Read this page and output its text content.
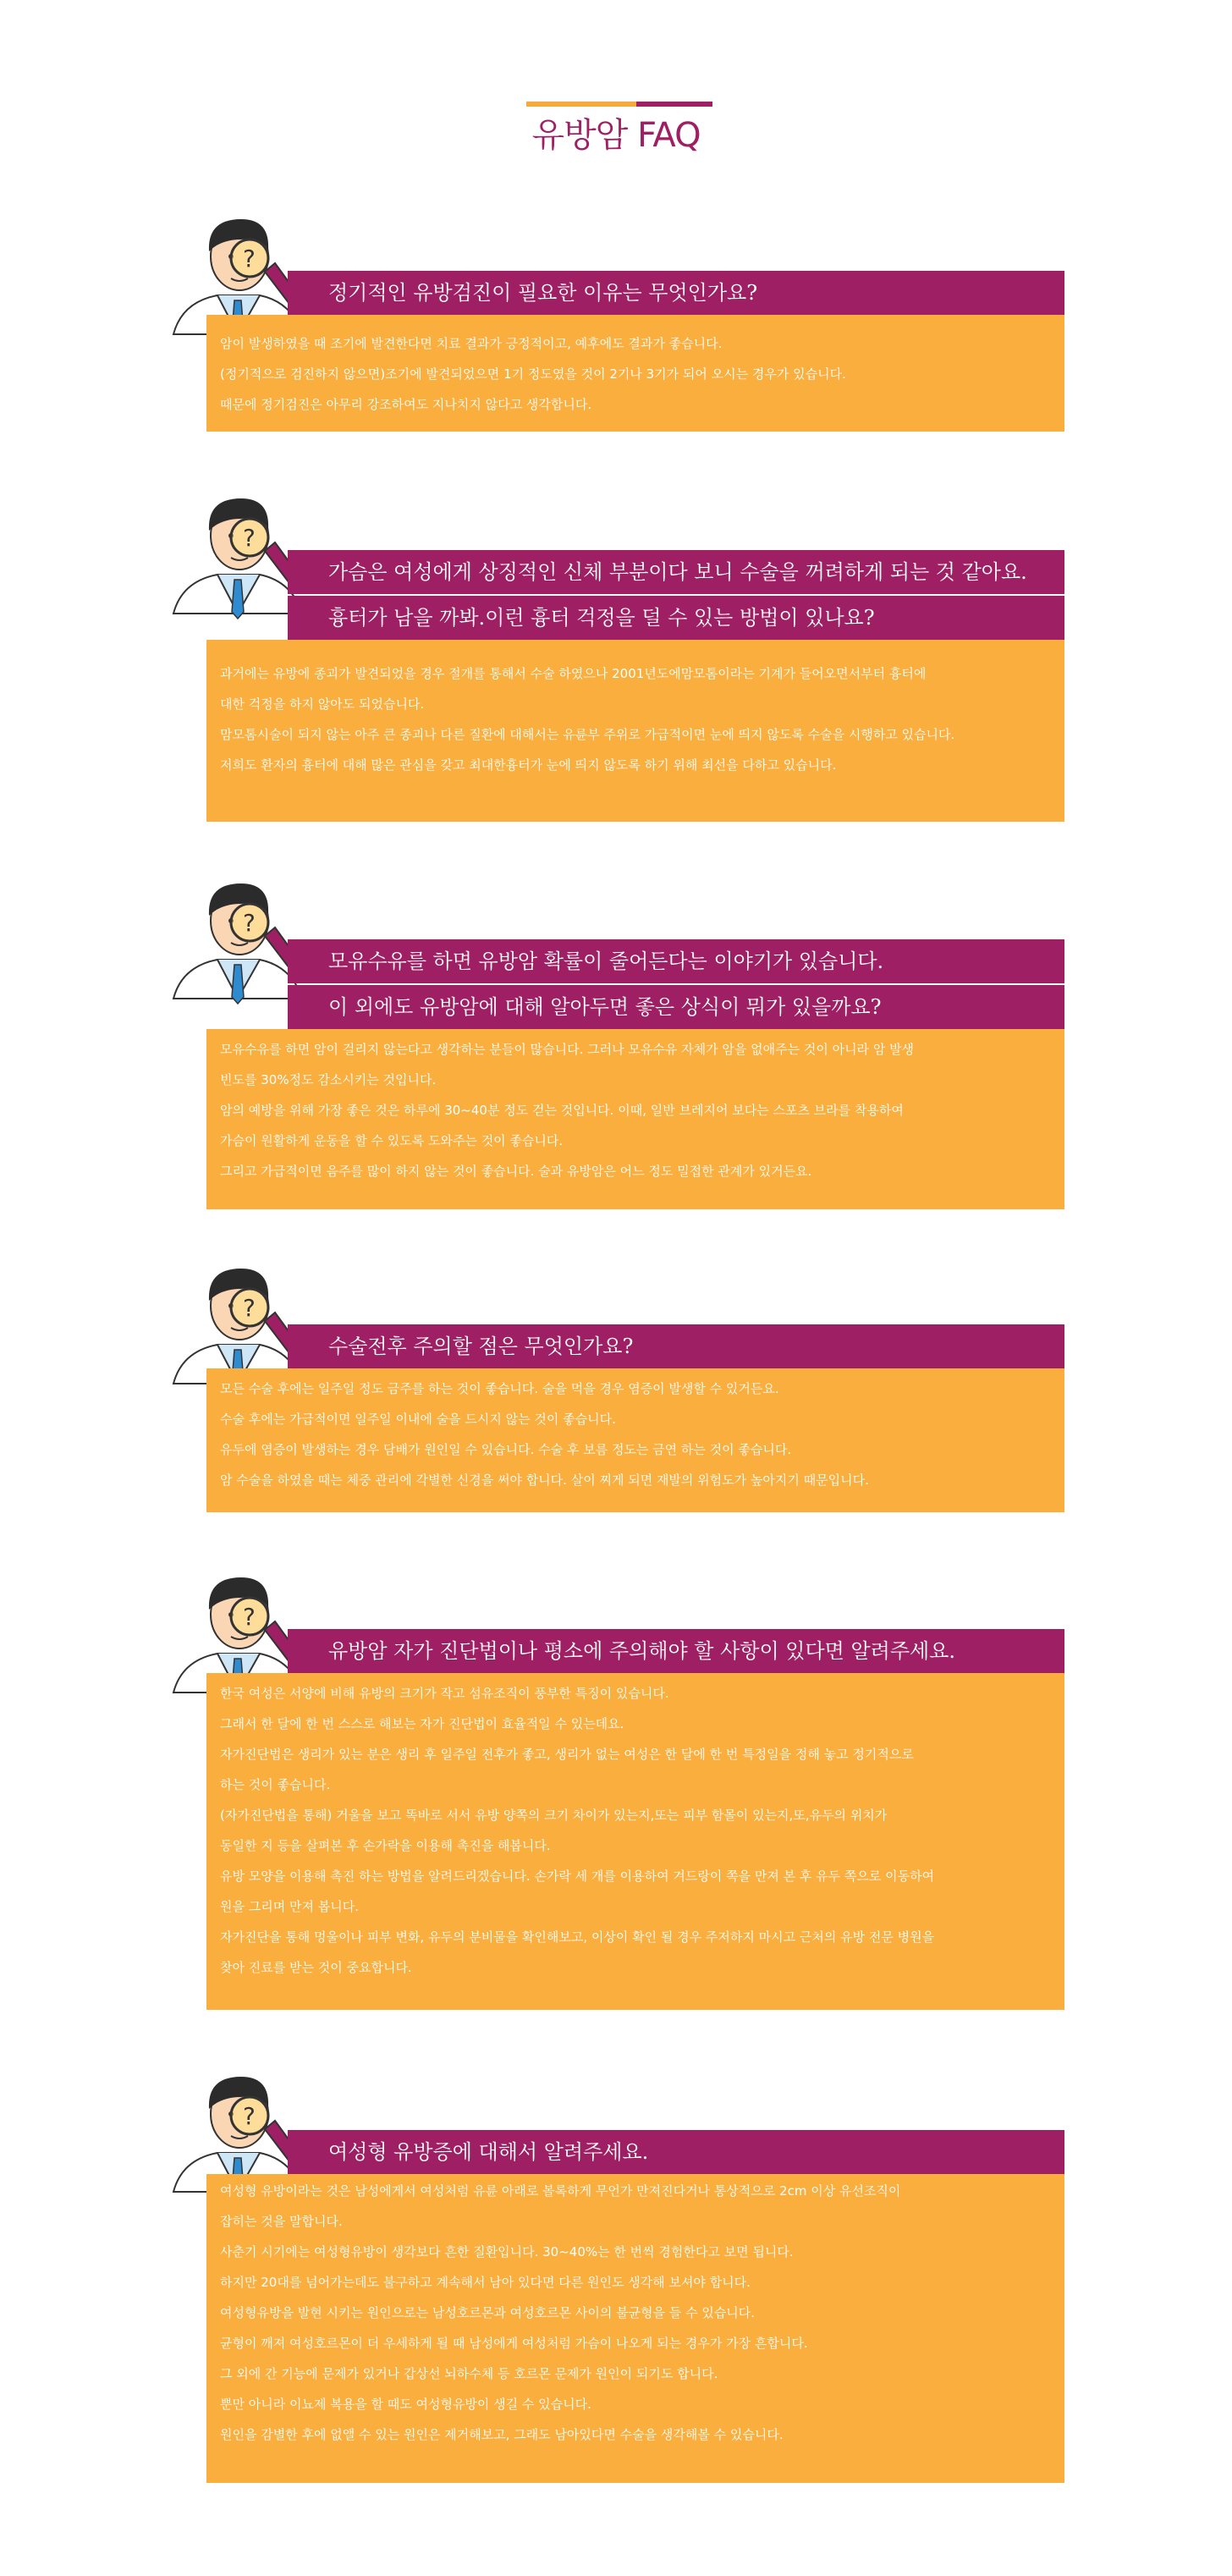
유방암 FAQ
?
정기적인 유방검진이 필요한 이유는 무엇인가요?
암이 발생하였을 때 조기에 발견한다면 치료 결과가 긍정적이고, 예후에도 결과가 좋습니다.
(정기적으로 검진하지 않으면)조기에 발견되었으면 1기 정도였을 것이 2기나 3기가 되어 오시는 경우가 있습니다.
때문에 정기검진은 아무리 강조하여도 지나치지 않다고 생각합니다.
?
가슴은 여성에게 상징적인 신체 부분이다 보니 수술을 꺼려하게 되는 것 같아요.
흉터가 남을 까봐.이런 흉터 걱정을 덜 수 있는 방법이 있나요?
과거에는 유방에 종괴가 발견되었을 경우 절개를 통해서 수술 하였으나 2001년도에맘모톰이라는 기계가 들어오면서부터 흉터에
대한 걱정을 하지 않아도 되었습니다.
맘모톰시술이 되지 않는 아주 큰 종괴나 다른 질환에 대해서는 유륜부 주위로 가급적이면 눈에 띄지 않도록 수술을 시행하고 있습니다.
저희도 환자의 흉터에 대해 많은 관심을 갖고 최대한흉터가 눈에 띄지 않도록 하기 위해 최선을 다하고 있습니다.
?
모유수유를 하면 유방암 확률이 줄어든다는 이야기가 있습니다.
이 외에도 유방암에 대해 알아두면 좋은 상식이 뭐가 있을까요?
모유수유를 하면 암이 걸리지 않는다고 생각하는 분들이 많습니다. 그러나 모유수유 자체가 암을 없애주는 것이 아니라 암 발생
빈도를 30%정도 감소시키는 것입니다.
암의 예방을 위해 가장 좋은 것은 하루에 30~40분 정도 걷는 것입니다. 이때, 일반 브레지어 보다는 스포츠 브라를 착용하여
가슴이 원활하게 운동을 할 수 있도록 도와주는 것이 좋습니다.
그리고 가급적이면 음주를 많이 하지 않는 것이 좋습니다. 술과 유방암은 어느 정도 밀접한 관계가 있거든요.
?
수술전후 주의할 점은 무엇인가요?
모든 수술 후에는 일주일 정도 금주를 하는 것이 좋습니다. 술을 먹을 경우 염증이 발생할 수 있거든요.
수술 후에는 가급적이면 일주일 이내에 술을 드시지 않는 것이 좋습니다.
유두에 염증이 발생하는 경우 담배가 원인일 수 있습니다. 수술 후 보름 정도는 금연 하는 것이 좋습니다.
암 수술을 하였을 때는 체중 관리에 각별한 신경을 써야 합니다. 살이 찌게 되면 재발의 위험도가 높아지기 때문입니다.
?
유방암 자가 진단법이나 평소에 주의해야 할 사항이 있다면 알려주세요.
한국 여성은 서양에 비해 유방의 크기가 작고 섬유조직이 풍부한 특징이 있습니다.
그래서 한 달에 한 번 스스로 해보는 자가 진단법이 효율적일 수 있는데요.
자가진단법은 생리가 있는 분은 생리 후 일주일 전후가 좋고, 생리가 없는 여성은 한 달에 한 번 특정일을 정해 놓고 정기적으로
하는 것이 좋습니다.
(자가진단법을 통해) 거울을 보고 똑바로 서서 유방 양쪽의 크기 차이가 있는지,또는 피부 함몰이 있는지,또,유두의 위치가
동일한 지 등을 살펴본 후 손가락을 이용해 촉진을 해봅니다.
유방 모양을 이용해 촉진 하는 방법을 알려드리겠습니다. 손가락 세 개를 이용하여 겨드랑이 쪽을 만져 본 후 유두 쪽으로 이동하여
원을 그리며 만져 봅니다.
자가진단을 통해 멍울이나 피부 변화, 유두의 분비물을 확인해보고, 이상이 확인 될 경우 주저하지 마시고 근처의 유방 전문 병원을
찾아 진료를 받는 것이 중요합니다.
?
여성형 유방증에 대해서 알려주세요.
여성형 유방이라는 것은 남성에게서 여성처럼 유륜 아래로 볼록하게 무언가 만져진다거나 통상적으로 2cm 이상 유선조직이
잡히는 것을 말합니다.
사춘기 시기에는 여성형유방이 생각보다 흔한 질환입니다. 30~40%는 한 번씩 경험한다고 보면 됩니다.
하지만 20대를 넘어가는데도 불구하고 계속해서 남아 있다면 다른 원인도 생각해 보셔야 합니다.
여성형유방을 발현 시키는 원인으로는 남성호르몬과 여성호르몬 사이의 불균형을 들 수 있습니다.
균형이 깨져 여성호르몬이 더 우세하게 될 때 남성에게 여성처럼 가슴이 나오게 되는 경우가 가장 흔합니다.
그 외에 간 기능에 문제가 있거나 갑상선 뇌하수체 등 호르몬 문제가 원인이 되기도 합니다.
뿐만 아니라 이뇨제 복용을 할 때도 여성형유방이 생길 수 있습니다.
원인을 감별한 후에 없앨 수 있는 원인은 제거해보고, 그래도 남아있다면 수술을 생각해볼 수 있습니다.
